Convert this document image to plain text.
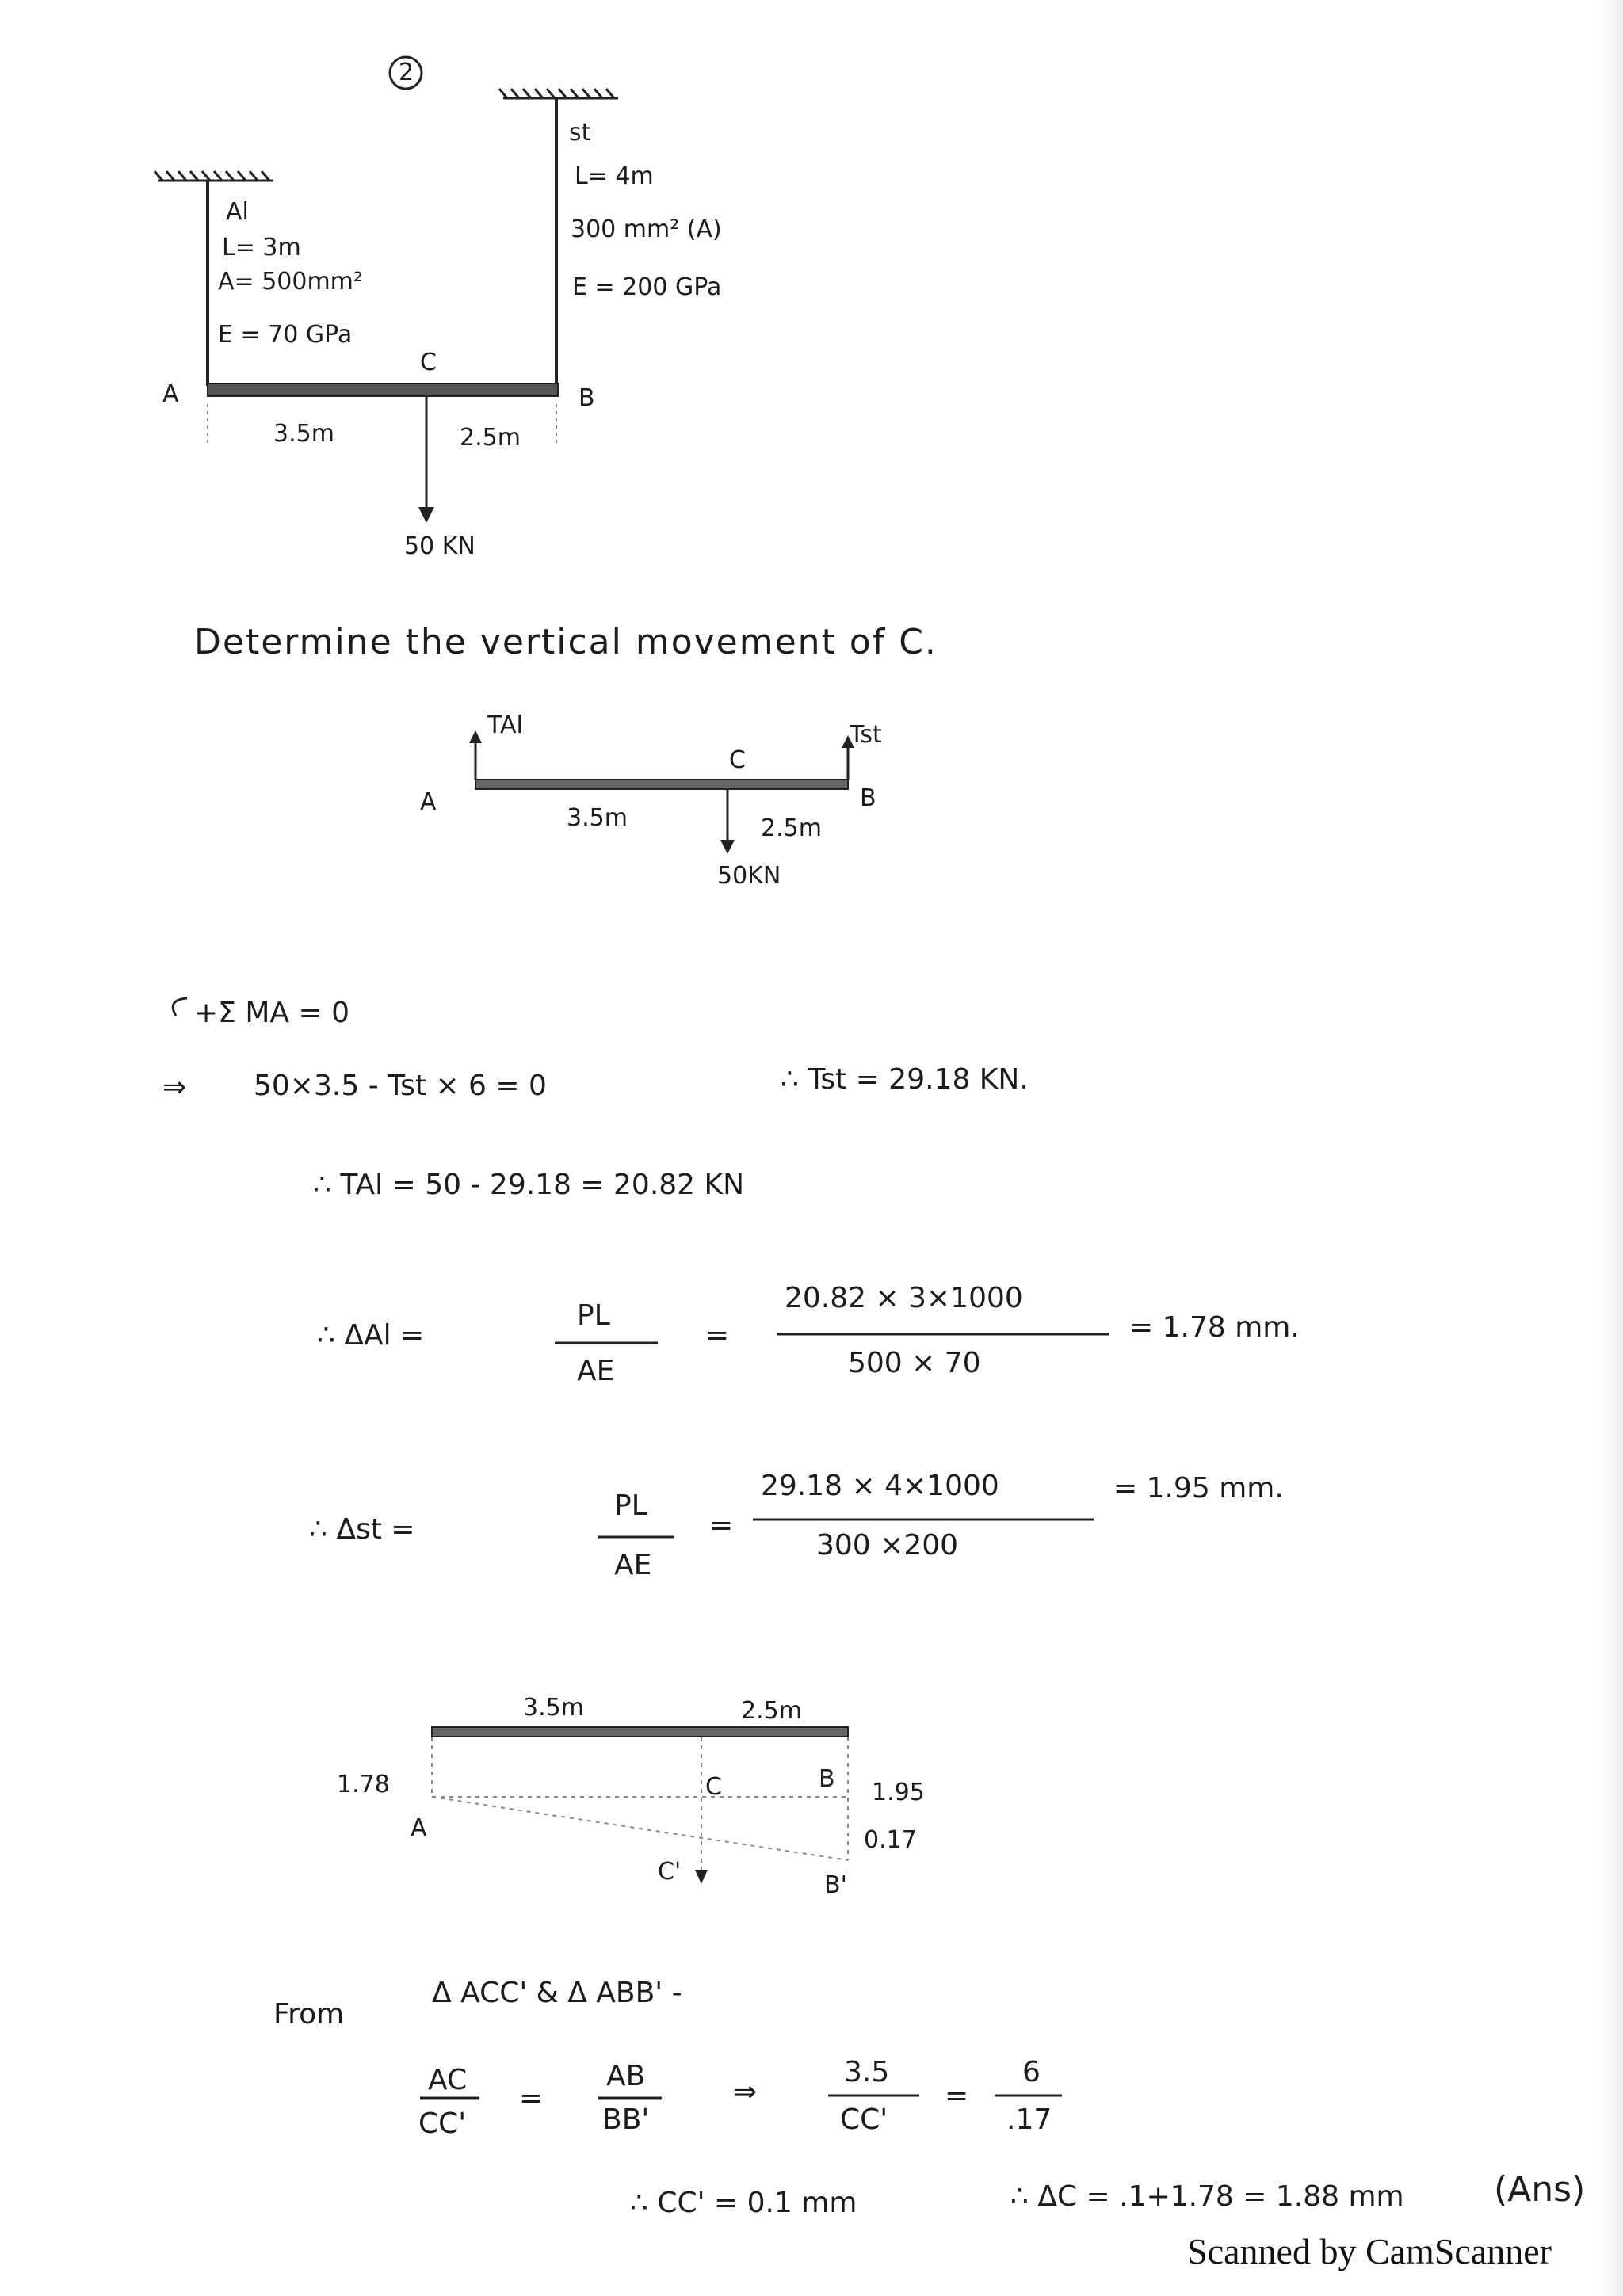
2
Al
L= 3m
A= 500mm²
E = 70 GPa
st
L= 4m
300 mm² (A)
E = 200 GPa
A	B
C
3.5m	2.5m
50 KN
Determine the vertical movement of C.
TAl	Tst
A	B
C
3.5m	2.5m
50KN
+Σ MA = 0
⇒ 50×3.5 - Tst × 6 = 0	∴ Tst = 29.18 KN.
∴ TAl = 50 - 29.18 = 20.82 KN
∴ ΔAl =
PL
AE
=
20.82 × 3×1000
500 × 70
= 1.78 mm.
∴ Δst =
PL
AE
=
29.18 × 4×1000
300 ×200
= 1.95 mm.
3.5m	2.5m
1.78	1.95
0.17
A
B
C
C'	B'
From
Δ ACC' & Δ ABB' -
AC
CC'
=
AB
BB'
⇒
3.5
CC'
=
6
.17
∴ CC' = 0.1 mm	∴ ΔC = .1+1.78 = 1.88 mm	(Ans)
Scanned by CamScanner
